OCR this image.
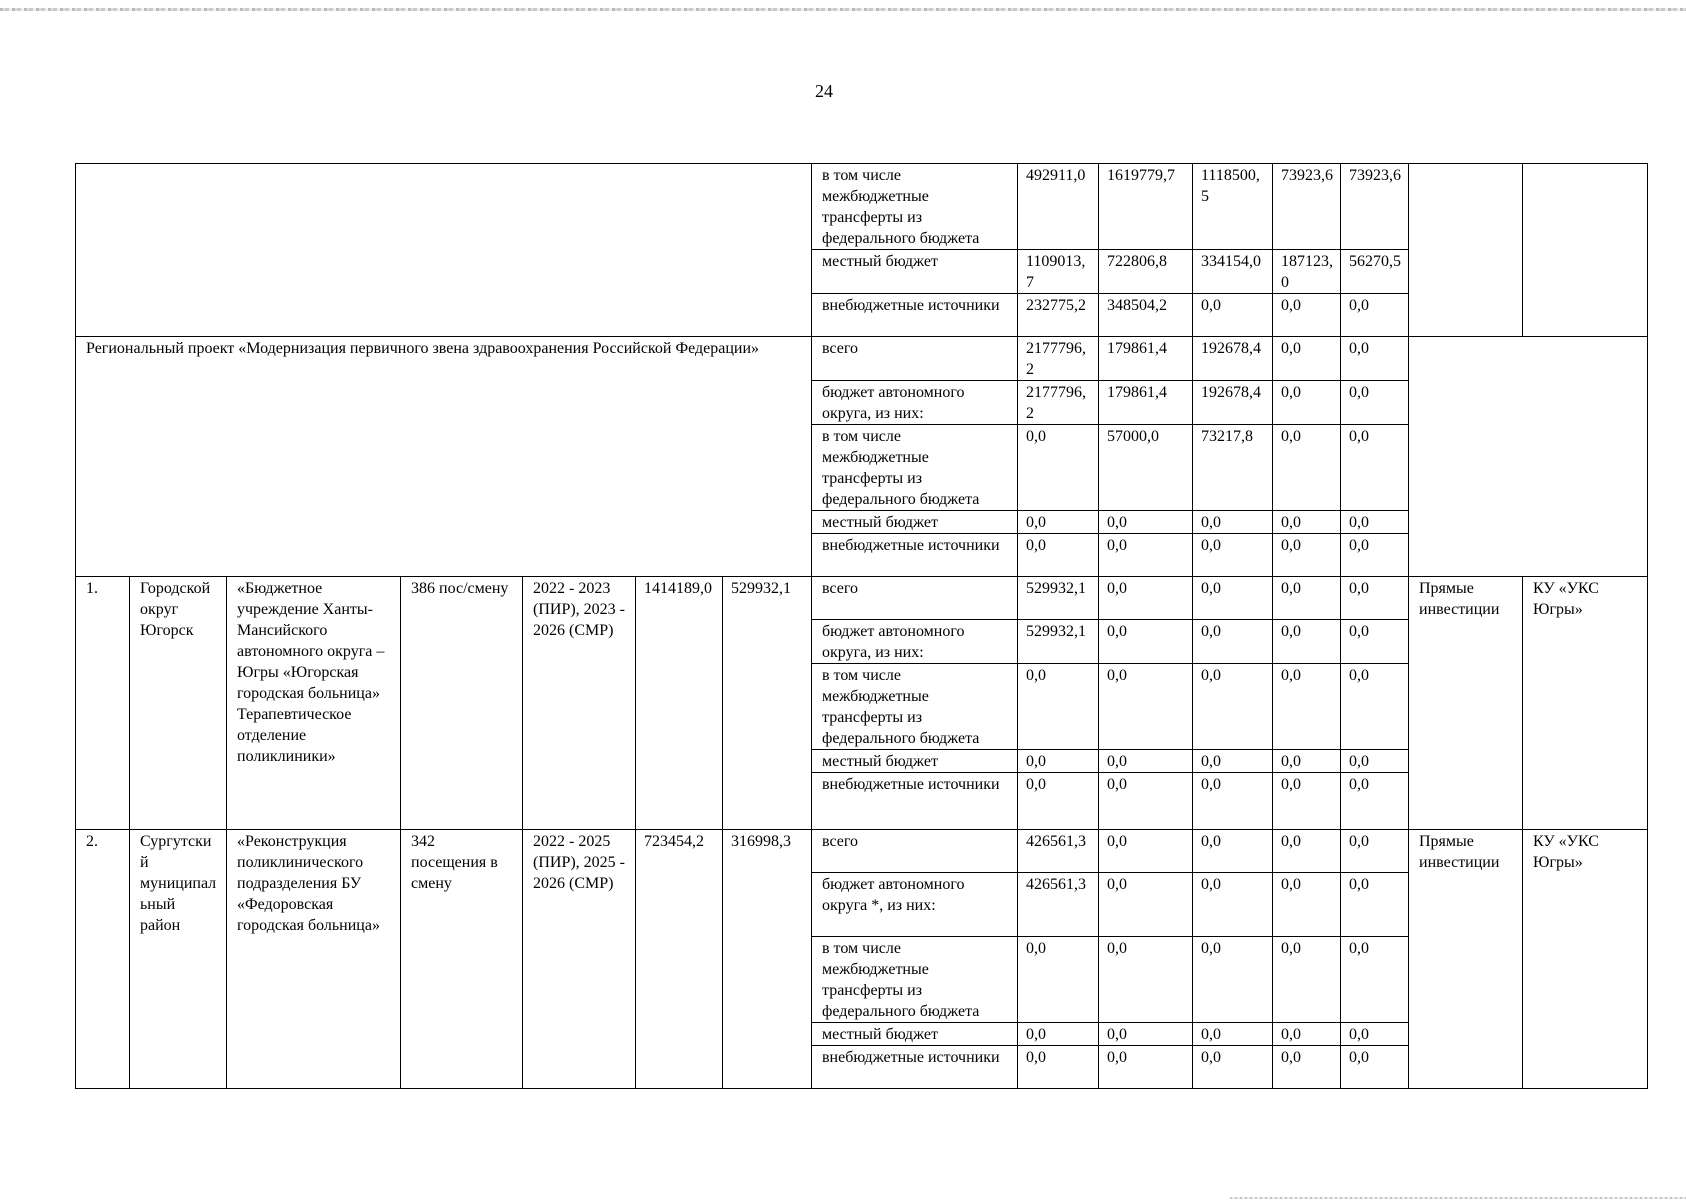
24

							в том числе межбюджетные трансферты из федерального бюджета	492911,0	1619779,7	1118500,5	73923,6	73923,6		
							местный бюджет	1109013,7	722806,8	334154,0	187123,0	56270,5		
							внебюджетные источники	232775,2	348504,2	0,0	0,0	0,0		
Региональный проект «Модернизация первичного звена здравоохранения Российской Федерации»							всего	2177796,2	179861,4	192678,4	0,0	0,0		
							бюджет автономного округа, из них:	2177796,2	179861,4	192678,4	0,0	0,0		
							в том числе межбюджетные трансферты из федерального бюджета	0,0	57000,0	73217,8	0,0	0,0		
							местный бюджет	0,0	0,0	0,0	0,0	0,0		
							внебюджетные источники	0,0	0,0	0,0	0,0	0,0		
1.	Городской округ Югорск	«Бюджетное учреждение Ханты-Мансийского автономного округа – Югры «Югорская городская больница» Терапевтическое отделение поликлиники»	386 пос/смену	2022 - 2023 (ПИР), 2023 - 2026 (СМР)	1414189,0	529932,1	всего	529932,1	0,0	0,0	0,0	0,0	Прямые инвестиции	КУ «УКС Югры»
							бюджет автономного округа, из них:	529932,1	0,0	0,0	0,0	0,0		
							в том числе межбюджетные трансферты из федерального бюджета	0,0	0,0	0,0	0,0	0,0		
							местный бюджет	0,0	0,0	0,0	0,0	0,0		
							внебюджетные источники	0,0	0,0	0,0	0,0	0,0		
2.	Сургутский муниципальный район	«Реконструкция поликлинического подразделения БУ «Федоровская городская больница»	342 посещения в смену	2022 - 2025 (ПИР), 2025 - 2026 (СМР)	723454,2	316998,3	всего	426561,3	0,0	0,0	0,0	0,0	Прямые инвестиции	КУ «УКС Югры»
							бюджет автономного округа *, из них:	426561,3	0,0	0,0	0,0	0,0		
							в том числе межбюджетные трансферты из федерального бюджета	0,0	0,0	0,0	0,0	0,0		
							местный бюджет	0,0	0,0	0,0	0,0	0,0		
							внебюджетные источники	0,0	0,0	0,0	0,0	0,0		
